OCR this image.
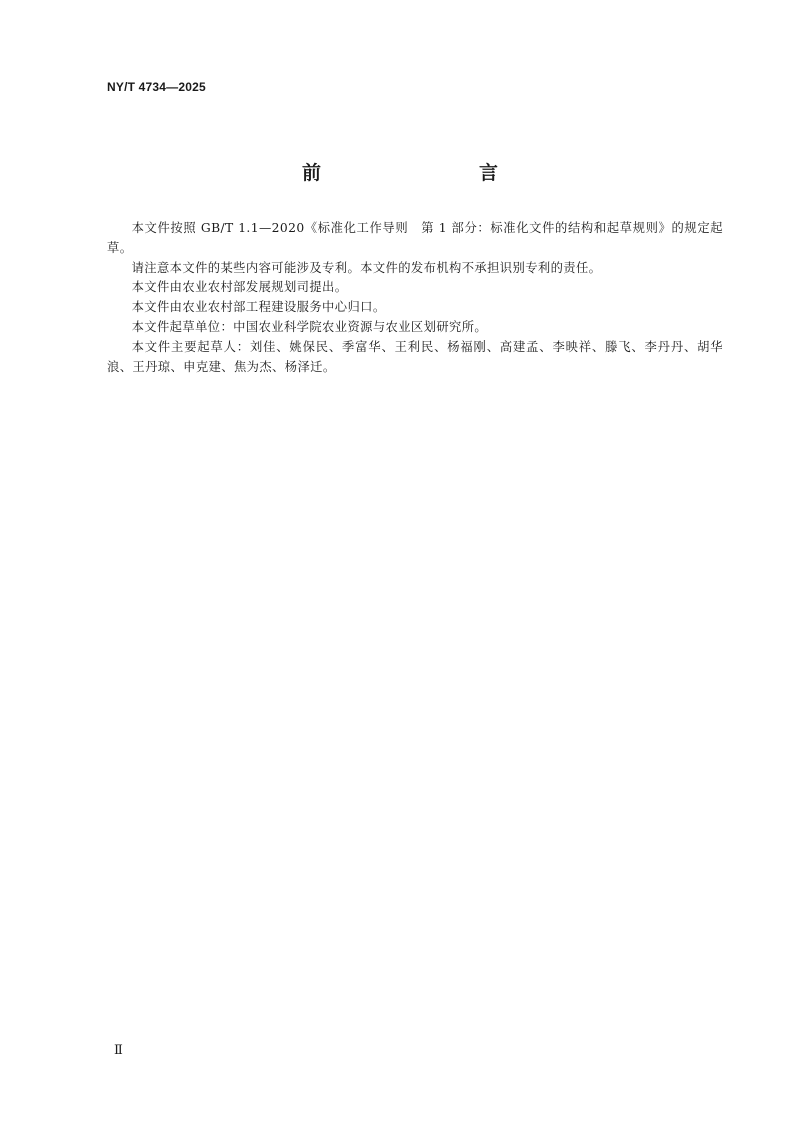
NY/T 4734—2025
前　　言

本文件按照 GB/T 1.1—2020《标准化工作导则　第 1 部分：标准化文件的结构和起草规则》的规定起草。

请注意本文件的某些内容可能涉及专利。本文件的发布机构不承担识别专利的责任。

本文件由农业农村部发展规划司提出。

本文件由农业农村部工程建设服务中心归口。

本文件起草单位：中国农业科学院农业资源与农业区划研究所。

本文件主要起草人：刘佳、姚保民、季富华、王利民、杨福刚、高建孟、李映祥、滕飞、李丹丹、胡华浪、王丹琼、申克建、焦为杰、杨泽迁。

Ⅱ
